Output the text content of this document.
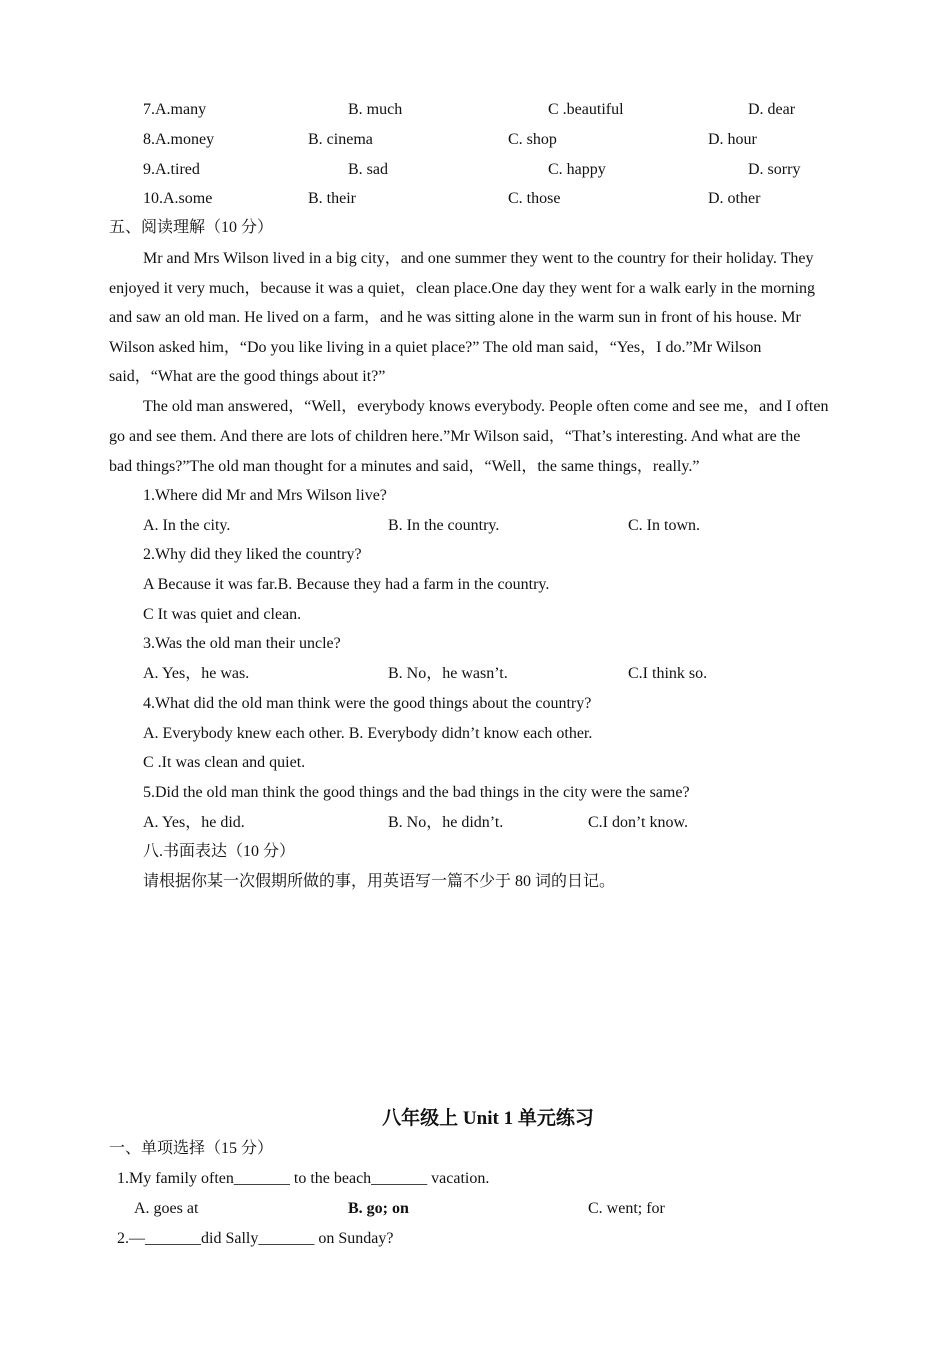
7.A.many	B. much	C .beautiful	D. dear
8.A.money	B. cinema	C. shop	D. hour
9.A.tired	B. sad	C. happy	D. sorry
10.A.some	B. their	C. those	D. other
五、阅读理解（10 分）
Mr and Mrs Wilson lived in a big city，and one summer they went to the country for their holiday. They
enjoyed it very much，because it was a quiet，clean place.One day they went for a walk early in the morning
and saw an old man. He lived on a farm，and he was sitting alone in the warm sun in front of his house. Mr
Wilson asked him，“Do you like living in a quiet place?” The old man said，“Yes，I do.”Mr Wilson
said，“What are the good things about it?”
The old man answered，“Well，everybody knows everybody. People often come and see me，and I often
go and see them. And there are lots of children here.”Mr Wilson said，“That’s interesting. And what are the
bad things?”The old man thought for a minutes and said，“Well，the same things，really.”
1.Where did Mr and Mrs Wilson live?
A. In the city.	B. In the country.	C. In town.
2.Why did they liked the country?
A Because it was far.B. Because they had a farm in the country.
C It was quiet and clean.
3.Was the old man their uncle?
A. Yes，he was.	B. No，he wasn’t.	C.I think so.
4.What did the old man think were the good things about the country?
A. Everybody knew each other. B. Everybody didn’t know each other.
C .It was clean and quiet.
5.Did the old man think the good things and the bad things in the city were the same?
A. Yes，he did.	B. No，he didn’t.	C.I don’t know.
八.书面表达（10 分）
请根据你某一次假期所做的事，用英语写一篇不少于 80 词的日记。
八年级上 Unit 1 单元练习
一、单项选择（15 分）
1.My family often_______ to the beach_______ vacation.
A. goes at	B. go; on	C. went; for
2.—_______did Sally_______ on Sunday?
